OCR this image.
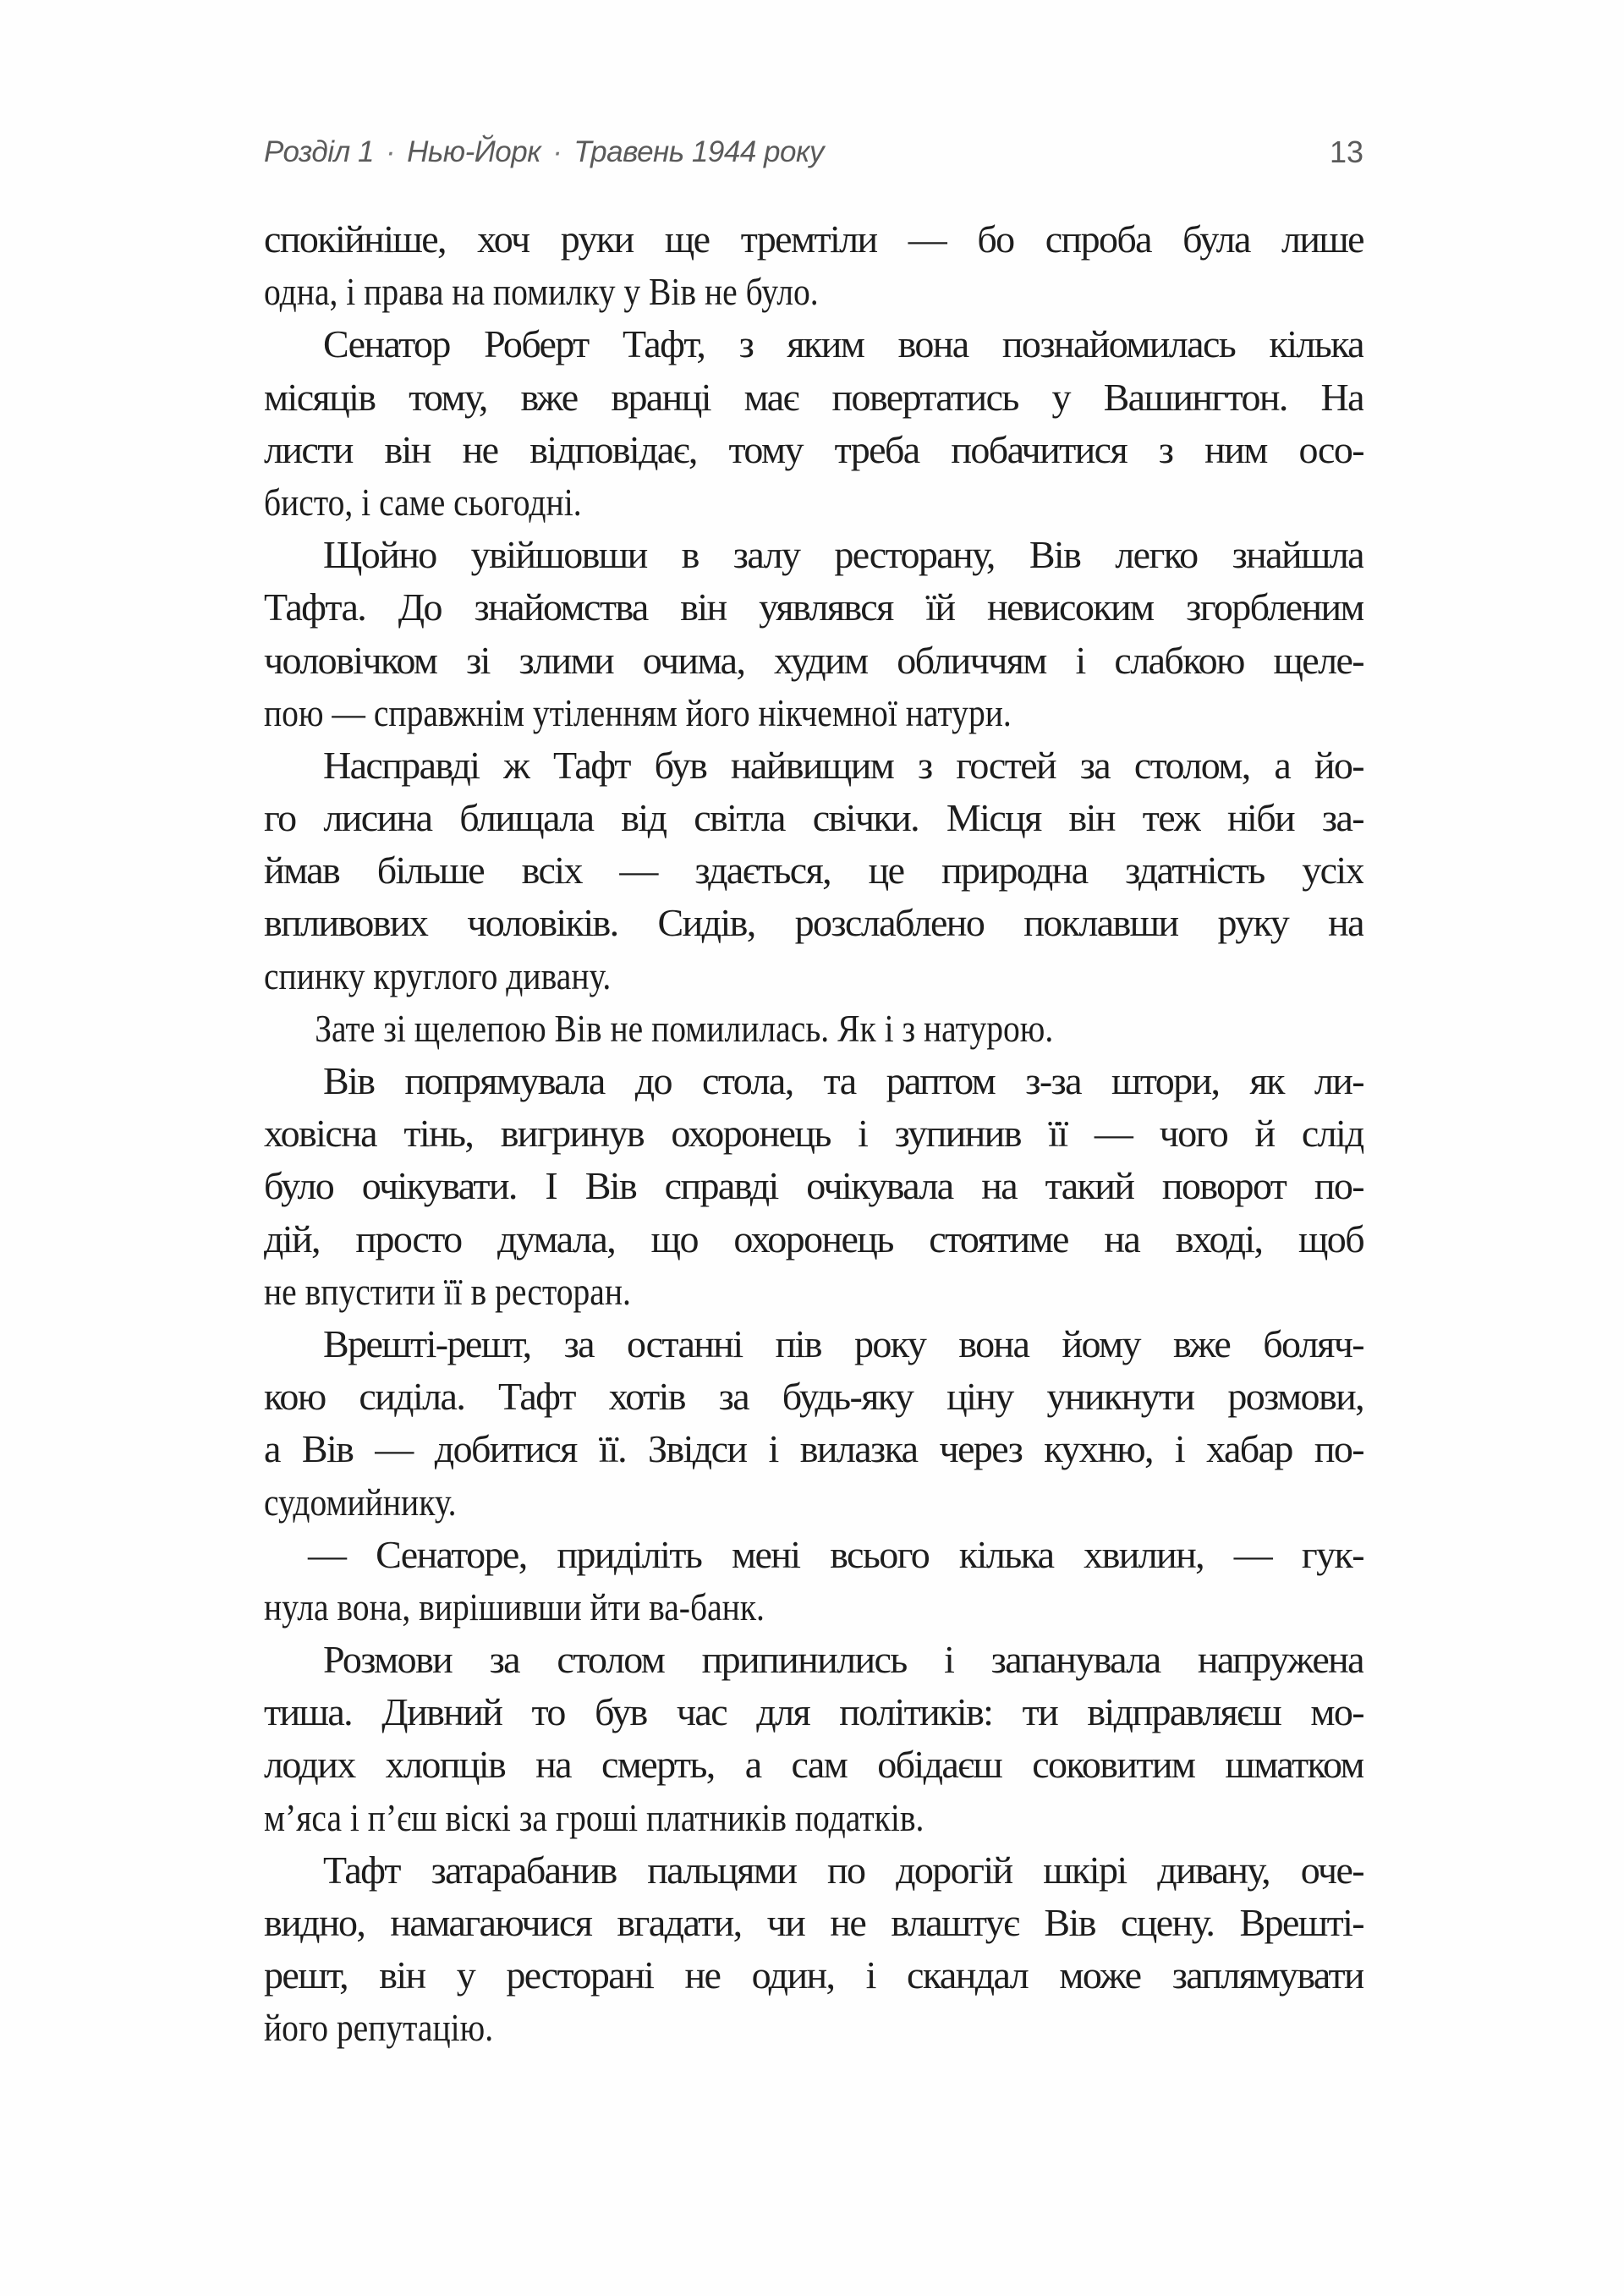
Розділ 1 · Нью-Йорк · Травень 1944 року	13
спокійніше, хоч руки ще тремтіли — бо спроба була лише
одна, і права на помилку у Вів не було.
Сенатор Роберт Тафт, з яким вона познайомилась кілька
місяців тому, вже вранці має повертатись у Вашингтон. На
листи він не відповідає, тому треба побачитися з ним осо-
бисто, і саме сьогодні.
Щойно увійшовши в залу ресторану, Вів легко знайшла
Тафта. До знайомства він уявлявся їй невисоким згорбленим
чоловічком зі злими очима, худим обличчям і слабкою щеле-
пою — справжнім утіленням його нікчемної натури.
Насправді ж Тафт був найвищим з гостей за столом, а йо-
го лисина блищала від світла свічки. Місця він теж ніби за-
ймав більше всіх — здається, це природна здатність усіх
впливових чоловіків. Сидів, розслаблено поклавши руку на
спинку круглого дивану.
Зате зі щелепою Вів не помилилась. Як і з натурою.
Вів попрямувала до стола, та раптом з-за штори, як ли-
ховісна тінь, вигринув охоронець і зупинив її — чого й слід
було очікувати. І Вів справді очікувала на такий поворот по-
дій, просто думала, що охоронець стоятиме на вході, щоб
не впустити її в ресторан.
Врешті-решт, за останні пів року вона йому вже боляч-
кою сиділа. Тафт хотів за будь-яку ціну уникнути розмови,
а Вів — добитися її. Звідси і вилазка через кухню, і хабар по-
судомийнику.
— Сенаторе, приділіть мені всього кілька хвилин, — гук-
нула вона, вирішивши йти ва-банк.
Розмови за столом припинились і запанувала напружена
тиша. Дивний то був час для політиків: ти відправляєш мо-
лодих хлопців на смерть, а сам обідаєш соковитим шматком
м’яса і п’єш віскі за гроші платників податків.
Тафт затарабанив пальцями по дорогій шкірі дивану, оче-
видно, намагаючися вгадати, чи не влаштує Вів сцену. Врешті-
решт, він у ресторані не один, і скандал може заплямувати
його репутацію.
